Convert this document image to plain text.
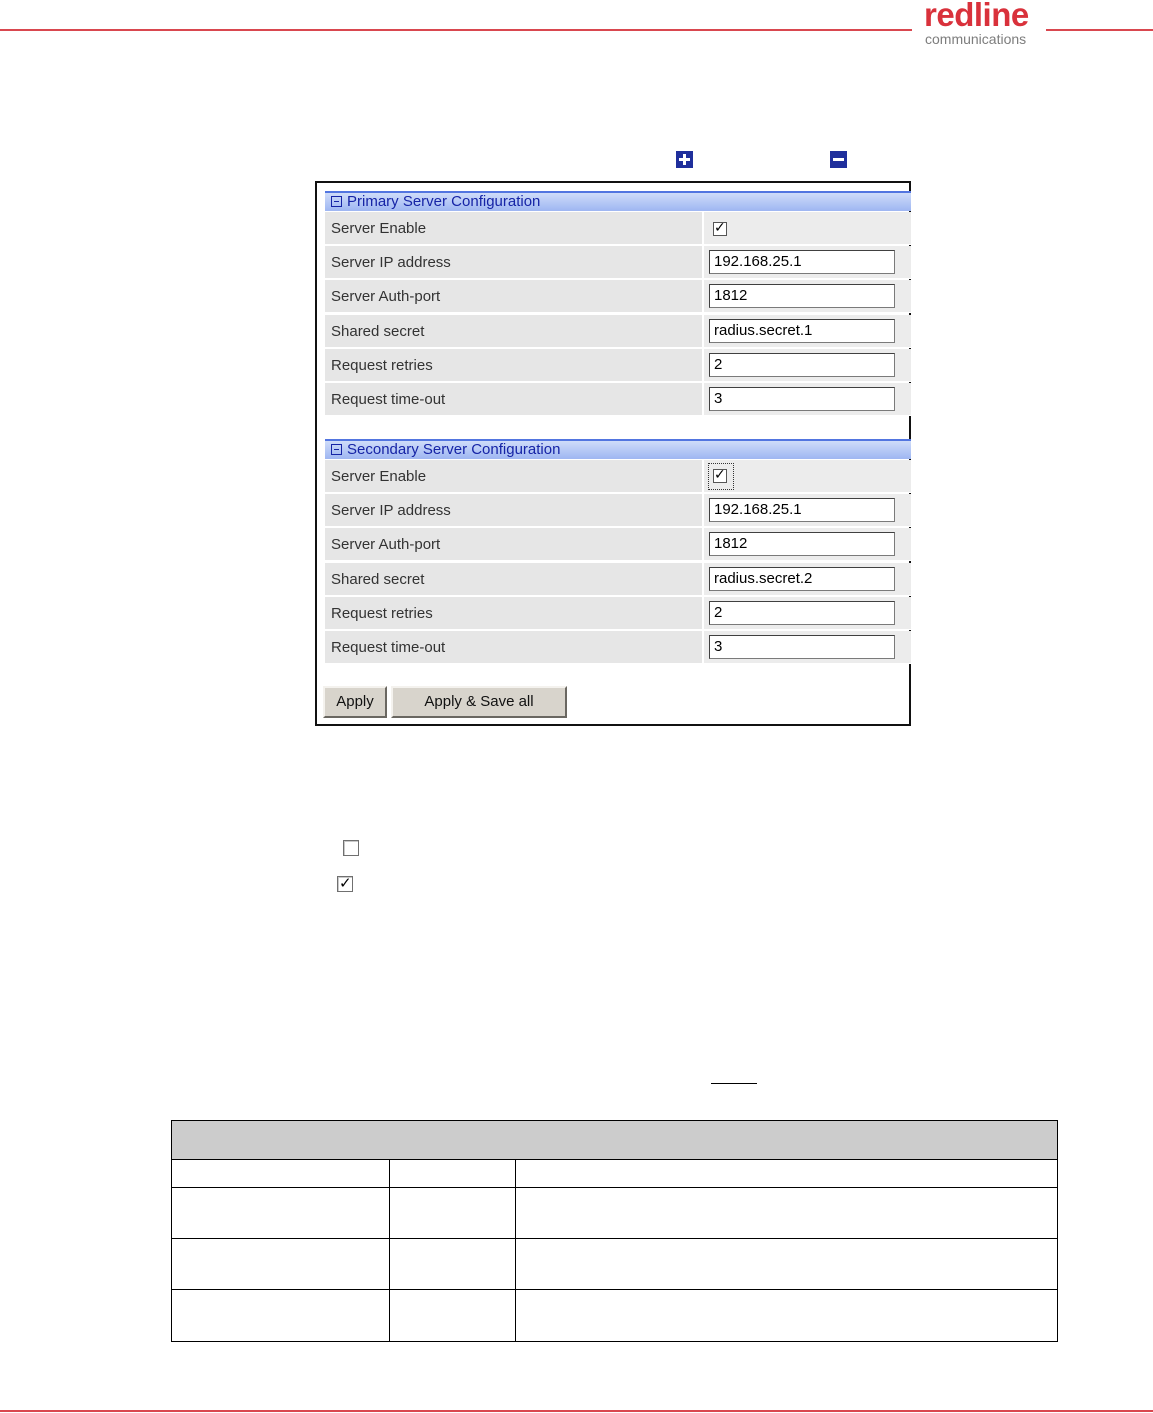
redline
communications
Primary Server Configuration
Server Enable	✓
Server IP address	192.168.25.1
Server Auth-port	1812
Shared secret	radius.secret.1
Request retries	2
Request time-out	3
Secondary Server Configuration
Server Enable	✓
Server IP address	192.168.25.1
Server Auth-port	1812
Shared secret	radius.secret.2
Request retries	2
Request time-out	3
Apply	Apply & Save all
✓
